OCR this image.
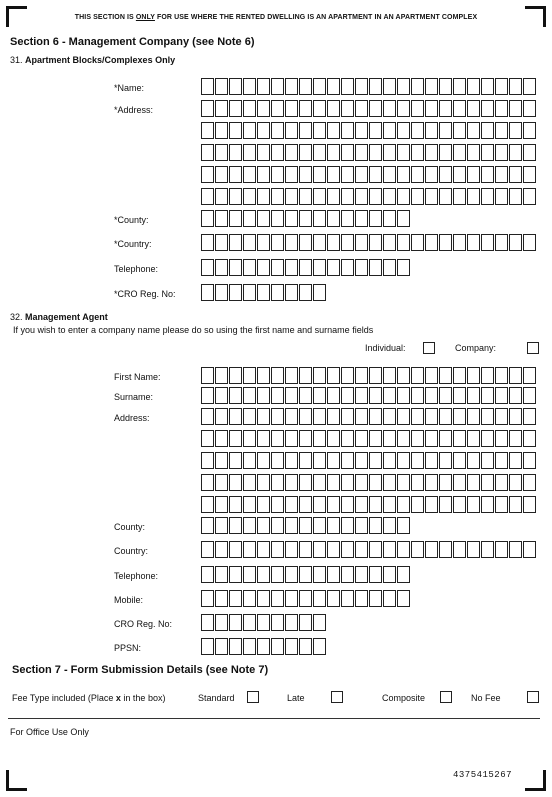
THIS SECTION IS ONLY FOR USE WHERE THE RENTED DWELLING IS AN APARTMENT IN AN APARTMENT COMPLEX
Section 6 - Management Company (see Note 6)
31. Apartment Blocks/Complexes Only
*Name:
*Address:
*County:
*Country:
Telephone:
*CRO Reg. No:
32. Management Agent
If you wish to enter a company name please do so using the first name and surname fields
Individual:	Company:
First Name:
Surname:
Address:
County:
Country:
Telephone:
Mobile:
CRO Reg. No:
PPSN:
Section 7 - Form Submission Details (see Note 7)
Fee Type included (Place x in the box)	Standard	Late	Composite	No Fee
For Office Use Only
4375415267
